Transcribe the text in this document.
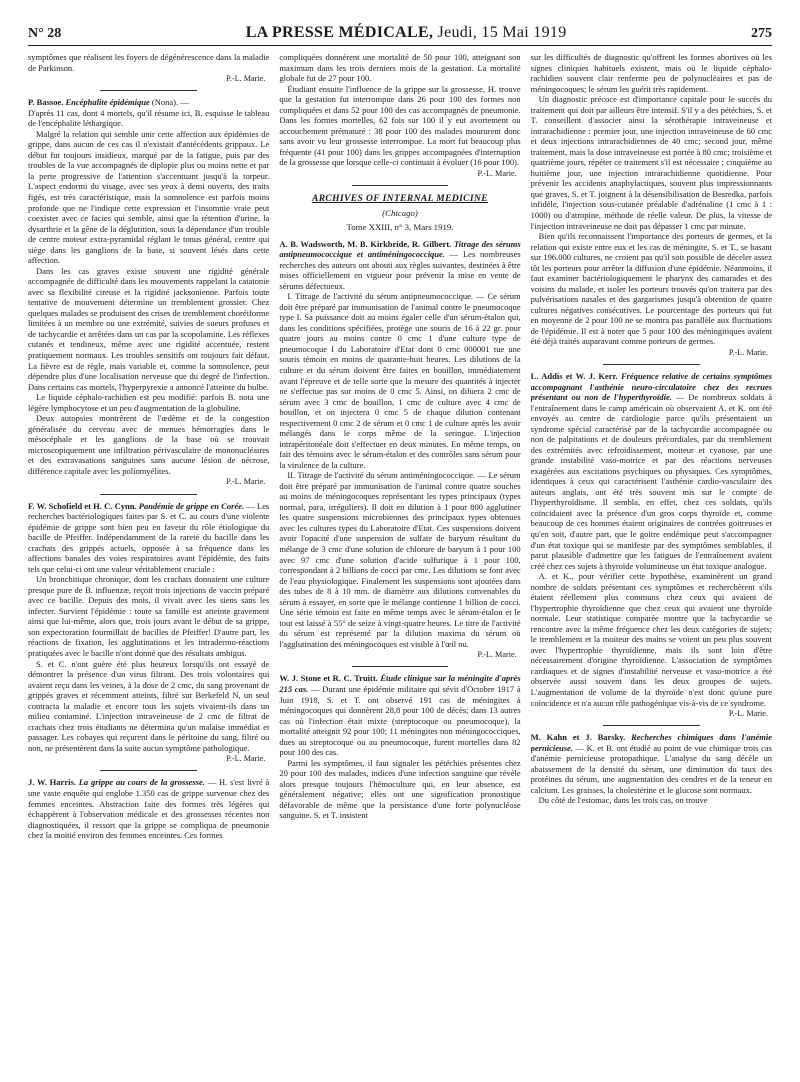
N° 28	LA PRESSE MÉDICALE, Jeudi, 15 Mai 1919	275

symptômes que réalisent les foyers de dégénérescence dans la maladie de Parkinson.

P.-L. Marie.

P. Bassoe. Encéphalite épidémique (Nona). —

D'après 11 cas, dont 4 mortels, qu'il résume ici, B. esquisse le tableau de l'encéphalite léthargique.

Malgré la relation qui semble unir cette affection aux épidémies de grippe, dans aucun de ces cas il n'existait d'antécédents grippaux. Le début fut toujours insidieux, marqué par de la fatigue, puis par des troubles de la vue accompagnés de diplopie plus ou moins nette et par la perte progressive de l'attention s'accentuant jusqu'à la torpeur. L'aspect endormi du visage, avec ses yeux à demi ouverts, des traits figés, est très caractéristique, mais la somnolence est parfois moins profonde que ne l'indique cette expression et l'insomnie vraie peut coexister avec ce facies qui semble, ainsi que la rétention d'urine, la dysarthrie et la gêne de la déglutition, sous la dépendance d'un trouble de centre moteur extra-pyramidal réglant le tonus général, centre qui siège dans les ganglions de la base, si souvent lésés dans cette affection.

Dans les cas graves existe souvent une rigidité générale accompagnée de difficulté dans les mouvements rappelant la catatonie avec sa flexibilité cireuse et la rigidité jacksonienne. Parfois toute tentative de mouvement détermine un tremblement grossier. Chez quelques malades se produisent des crises de tremblement choréiforme limitées à un membre ou une extrémité, suivies de sueurs profuses et de tachycardie et arrêtées dans un cas par la scopolamine. Les réflexes cutanés et tendineux, même avec une rigidité accentuée, restent pratiquement normaux. Les troubles sensitifs ont toujours fait défaut. La fièvre est de règle, mais variable et, comme la somnolence, peut dépendre plus d'une localisation nerveuse que du degré de l'infection. Dans certains cas mortels, l'hyperpyrexie a annoncé l'atteinte du bulbe.

Le liquide céphalo-rachidien est peu modifié: parfois B. nota une légère lymphocytose et un peu d'augmentation de la globuline.

Deux autopsies montrèrent de l'œdème et de la congestion généralisée du cerveau avec de menues hémorragies dans le mésocéphale et les ganglions de la base où se trouvait microscopiquement une infiltration périvasculaire de mononucléaires et des extravasations sanguines sans aucune lésion de nécrose, différence capitale avec les poliomyélites.

P.-L. Marie.

F. W. Schofield et H. C. Cynn. Pandémie de grippe en Corée. — Les recherches bactériologiques faites par S. et C. au cours d'une violente épidémie de grippe sont bien peu en faveur du rôle étiologique du bacille de Pfeiffer. Indépendamment de la rareté du bacille dans les crachats des grippés actuels, opposée à sa fréquence dans les affections banales des voies respiratoires avant l'épidémie, des faits tels que celui-ci ont une valeur véritablement cruciale :

Un bronchitique chronique, dont les crachats donnaient une culture presque pure de B. influenzæ, reçoit trois injections de vaccin préparé avec ce bacille. Depuis des mois, il vivait avec les siens sans les infecter. Survient l'épidémie : toute sa famille est atteinte gravement ainsi que lui-même, alors que, trois jours avant le début de sa grippe, son expectoration fourmillait de bacilles de Pfeiffer! D'autre part, les réactions de fixation, les agglutinations et les intradermo-réactions pratiquées avec le bacille n'ont donné que des résultats ambigus.

S. et C. n'ont guère été plus heureux lorsqu'ils ont essayé de démontrer la présence d'un virus filtrant. Des trois volontaires qui avaient reçu dans les veines, à la dose de 2 cmc, du sang provenant de grippés graves et récemment atteints, filtré sur Berkefeld N, un seul contracta la maladie et encore tous les sujets vivaient-ils dans un milieu contaminé. L'injection intraveineuse de 2 cmc de filtrat de crachats chez trois étudiants ne détermina qu'un malaise immédiat et passager. Les cobayes qui reçurent dans le péritoine du sang, filtré ou non, ne présentèrent dans la suite aucun symptôme pathologique.

P.-L. Marie.

J. W. Harris. La grippe au cours de la grossesse. — H. s'est livré à une vaste enquête qui englobe 1.350 cas de grippe survenue chez des femmes enceintes. Abstraction faite des formes très légères qui échappèrent à l'observation médicale et des grossesses récentes non diagnostiquées, il ressort que la grippe se compliqua de pneumonie chez la moitié environ des femmes enceintes. Ces formes

compliquées donnèrent une mortalité de 50 pour 100, atteignant son maximum dans les trois derniers mois de la gestation. La mortalité globale fut de 27 pour 100.

Étudiant ensuite l'influence de la grippe sur la grossesse, H. trouve que la gestation fut interrompue dans 26 pour 100 des formes non compliquées et dans 52 pour 100 des cas accompagnés de pneumonie. Dans les formes mortelles, 62 fois sur 100 il y eut avortement ou accouchement prématuré : 38 pour 100 des malades moururent donc sans avoir vu leur grossesse interrompue. La mort fut beaucoup plus fréquente (41 pour 100) dans les grippes accompagnées d'interruption de la grossesse que lorsque celle-ci continuait à évoluer (16 pour 100).

P.-L. Marie.
ARCHIVES OF INTERNAL MEDICINE
(Chicago)
Tome XXIII, n° 3, Mars 1919.

A. B. Wadsworth, M. B. Kirkbride, R. Gilbert. Titrage des sérums antipneumococcique et antiméningococcique. — Les nombreuses recherches des auteurs ont abouti aux règles suivantes, destinées à être mises officiellement en vigueur pour prévenir la mise en vente de sérums défectueux.

I. Titrage de l'activité du sérum antipneumococcique. — Ce sérum doit être préparé par immunisation de l'animal contre le pneumocoque type I. Sa puissance doit au moins égaler celle d'un sérum-étalon qui, dans les conditions spécifiées, protège une souris de 16 à 22 gr. pour quatre jours au moins contre 0 cmc 1 d'une culture type de pneumocoque I du Laboratoire d'Etat dont 0 cmc 000001 tue une souris témoin en moins de quarante-huit heures. Les dilutions de la culture et du sérum doivent être faites en bouillon, immédiatement avant l'épreuve et de telle sorte que la mesure des quantités à injecter ne s'effectue pas sur moins de 0 cmc 5. Ainsi, on diluera 2 cmc de sérum avec 3 cmc de bouillon, 1 cmc de culture avec 4 cmc de bouillon, et on injectera 0 cmc 5 de chaque dilution contenant respectivement 0 cmc 2 de sérum et 0 cmc 1 de culture après les avoir mélangés dans le corps même de la seringue. L'injection intrapéritonéale doit s'effectuer en deux minutes. En même temps, on fait des témoins avec le sérum-étalon et des contrôles sans sérum pour la virulence de la culture.

II. Titrage de l'activité du sérum antiméningococcique. — Le sérum doit être préparé par immunisation de l'animal contre quatre souches au moins de méningocoques représentant les types principaux (types normal, para, irréguliers). Il doit en dilution à 1 pour 800 agglutiner les quatre suspensions microbiennes des principaux types obtenues avec les cultures types du Laboratoire d'Etat. Ces suspensions doivent avoir l'opacité d'une suspension de sulfate de baryum résultant du mélange de 3 cmc d'une solution de chlorure de baryum à 1 pour 100 avec 97 cmc d'une solution d'acide sulfurique à 1 pour 100, correspondant à 2 billions de cocci par cmc. Les dilutions se font avec de l'eau physiologique. Finalement les suspensions sont ajoutées dans des tubes de 8 à 10 mm. de diamètre aux dilutions convenables du sérum à essayer, en sorte que le mélange contienne 1 billion de cocci. Une série témoin est faite en même temps avec le sérum-étalon et le tout est laissé à 55° de seize à vingt-quatre heures. Le titre de l'activité du sérum est représenté par la dilution maxima du sérum où l'agglutination des méningocoques est visible à l'œil nu.

P.-L. Marie.

W. J. Stone et R. C. Truitt. Étude clinique sur la méningite d'après 215 cas. — Durant une épidémie militaire qui sévit d'Octobre 1917 à Juin 1918, S. et T. ont observé 191 cas de méningites à méningocoques qui donnèrent 28,8 pour 100 de décès; dans 13 autres cas où l'infection était mixte (streptocoque ou pneumocoque), la mortalité atteignit 92 pour 100; 11 méningites non méningococciques, dues au streptocoque ou au pneumocoque, furent mortelles dans 82 pour 100 des cas.

Parmi les symptômes, il faut signaler les pétéchies présentes chez 20 pour 100 des malades, indices d'une infection sanguine que révèle alors presque toujours l'hémoculture qui, en leur absence, est généralement négative; elles ont une signification pronostique défavorable de même que la persistance d'une forte polynucléose sanguine. S. et T. insistent

sur les difficultés de diagnostic qu'offrent les formes abortives où les signes cliniques habituels existent, mais où le liquide céphalo-rachidien souvent clair renferme peu de polynucléaires et pas de méningocoques; le sérum les guérit très rapidement.

Un diagnostic précoce est d'importance capitale pour le succès du traitement qui doit par ailleurs être intensif. S'il y a des pétéchies, S. et T. conseillent d'associer ainsi la sérothérapie intraveineuse et intrarachidienne : premier jour, une injection intraveineuse de 60 cmc et deux injections intrarachidiennes de 40 cmc; second jour, même traitement, mais la dose intraveineuse est portée à 80 cmc; troisième et quatrième jours, répéter ce traitement s'il est nécessaire ; cinquième au huitième jour, une injection intrarachidienne quotidienne. Pour prévenir les accidents anaphylactiques, souvent plus impressionnants que graves, S. et T. joignent à la désensibilisation de Besredka, parfois infidèle, l'injection sous-cutanée préalable d'adrénaline (1 cmc à 1 : 1000) ou d'atropine, méthode de réelle valeur. De plus, la vitesse de l'injection intraveineuse ne doit pas dépasser 1 cmc par minute.

Bien qu'ils reconnaissent l'importance des porteurs de germes, et la relation qui existe entre eux et les cas de méningite, S. et T., se basant sur 196.000 cultures, ne croient pas qu'il soit possible de déceler assez tôt les porteurs pour arrêter la diffusion d'une épidémie. Néanmoins, il faut examiner bactériologiquement le pharynx des camarades et des voisins du malade, et isoler les porteurs trouvés qu'on traitera par des pulvérisations nasales et des gargarismes jusqu'à obtention de quatre cultures négatives consécutives. Le pourcentage des porteurs qui fut en moyenne de 2 pour 100 ne se montra pas parallèle aux fluctuations de l'épidémie. Il est à noter que 5 pour 100 des méningitiques avaient été déjà traités auparavant comme porteurs de germes.

P.-L. Marie.

L. Addis et W. J. Kerr. Fréquence relative de certains symptômes accompagnant l'asthénie neuro-circulatoire chez des recrues présentant ou non de l'hyperthyroïdie. — De nombreux soldats à l'entraînement dans le camp américain où observaient A. et K. ont été envoyés au centre de cardiologie parce qu'ils présentaient un syndrome spécial caractérisé par de la tachycardie accompagnée ou non de palpitations et de douleurs précordiales, par du tremblement des extrémités avec refroidissement, moiteur et cyanose, par une grande instabilité vaso-motrice et par des réactions nerveuses exagérées aux excitations psychiques ou physiques. Ces symptômes, identiques à ceux qui caractérisent l'asthénie cardio-vasculaire des auteurs anglais, ont été très souvent mis sur le compte de l'hyperthyroïdisme. Il sembla, en effet, chez ces soldats, qu'ils coïncidaient avec la présence d'un gros corps thyroïde et, comme beaucoup de ces hommes étaient originaires de contrées goitreuses et qu'en soit, d'autre part, que le goitre endémique peut s'accompagner d'un état toxique qui se manifeste par des symptômes semblables, il parut plausible d'admettre que les fatigues de l'entraînement avaient créé chez ces sujets à thyroïde volumineuse un état toxique analogue.

A. et K., pour vérifier cette hypothèse, examinèrent un grand nombre de soldats présentant ces symptômes et recherchèrent s'ils étaient réellement plus communs chez ceux qui avaient de l'hypertrophie thyroïdienne que chez ceux qui avaient une thyroïde normale. Leur statistique comparée montre que la tachycardie se rencontre avec la même fréquence chez les deux catégories de sujets; le tremblement et la moiteur des mains se voient un peu plus souvent avec l'hypertrophie thyroïdienne, mais ils sont loin d'être nécessairement d'origine thyroïdienne. L'association de symptômes cardiaques et de signes d'instabilité nerveuse et vaso-motrice a été observée aussi souvent dans les deux groupes de sujets. L'augmentation de volume de la thyroïde n'est donc qu'une pure coïncidence et n'a aucun rôle pathogénique vis-à-vis de ce syndrome.

P.-L. Marie.

M. Kahn et J. Barsky. Recherches chimiques dans l'anémie pernicieuse. — K. et B. ont étudié au point de vue chimique trois cas d'anémie pernicieuse protopathique. L'analyse du sang décèle un abaissement de la densité du sérum, une diminution du taux des protéines du sérum, une augmentation des cendres et de la teneur en calcium. Les graisses, la cholestérine et le glucose sont normaux.

Du côté de l'estomac, dans les trois cas, on trouve
